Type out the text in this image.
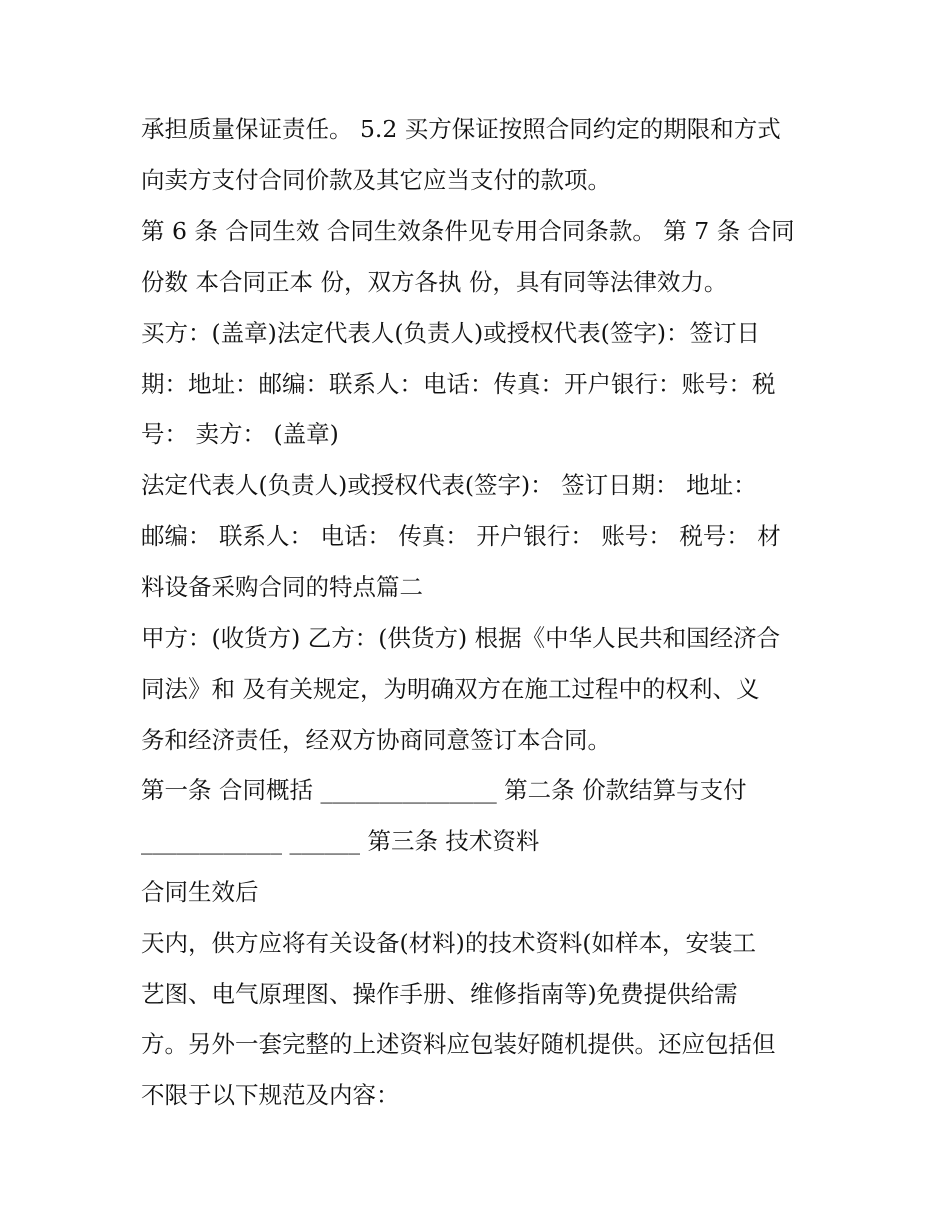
承担质量保证责任。 5.2 买方保证按照合同约定的期限和方式
向卖方支付合同价款及其它应当支付的款项。
第 6 条 合同生效 合同生效条件见专用合同条款。 第 7 条 合同
份数 本合同正本 份，双方各执 份，具有同等法律效力。
买方：(盖章)法定代表人(负责人)或授权代表(签字)：签订日
期：地址：邮编：联系人：电话：传真：开户银行：账号：税
号： 卖方： (盖章)
法定代表人(负责人)或授权代表(签字)： 签订日期： 地址：
邮编： 联系人： 电话： 传真： 开户银行： 账号： 税号： 材
料设备采购合同的特点篇二
甲方：(收货方) 乙方：(供货方) 根据《中华人民共和国经济合
同法》和 及有关规定，为明确双方在施工过程中的权利、义
务和经济责任，经双方协商同意签订本合同。
第一条 合同概括 _______________ 第二条 价款结算与支付
____________ ______ 第三条 技术资料
合同生效后
天内，供方应将有关设备(材料)的技术资料(如样本，安装工
艺图、电气原理图、操作手册、维修指南等)免费提供给需
方。另外一套完整的上述资料应包装好随机提供。还应包括但
不限于以下规范及内容：
